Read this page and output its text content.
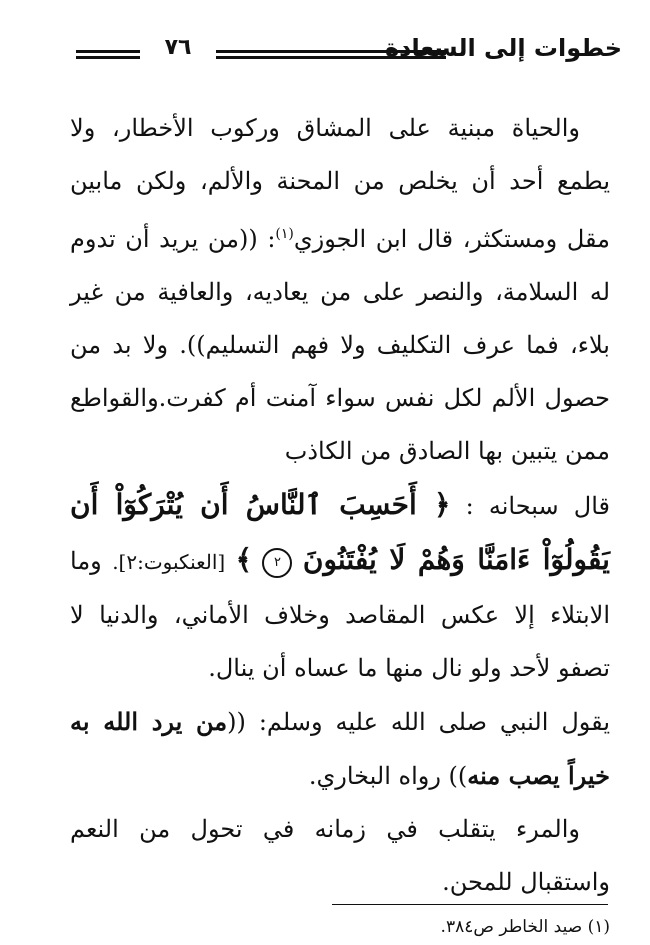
خطوات إلى السعادة
٧٦

والحياة مبنية على المشاق وركوب الأخطار، ولا يطمع أحد أن يخلص من المحنة والألم، ولكن مابين مقل ومستكثر، قال ابن الجوزي$^{(١)}$: ((من يريد أن تدوم له السلامة، والنصر على من يعاديه، والعافية من غير بلاء، فما عرف التكليف ولا فهم التسليم)). ولا بد من حصول الألم لكل نفس سواء آمنت أم كفرت.والقواطع ممن يتبين بها الصادق من الكاذب

قال سبحانه : ﴿ أَحَسِبَ ٱلنَّاسُ أَن يُتْرَكُوٓاْ أَن يَقُولُوٓاْ ءَامَنَّا وَهُمْ لَا يُفْتَنُونَ ٢ ﴾ [العنكبوت:٢]. وما الابتلاء إلا عكس المقاصد وخلاف الأماني، والدنيا لا تصفو لأحد ولو نال منها ما عساه أن ينال.

يقول النبي صلى الله عليه وسلم: ((من يرد الله به خيراً يصب منه)) رواه البخاري.

والمرء يتقلب في زمانه في تحول من النعم واستقبال للمحن.

(١) صيد الخاطر ص٣٨٤.
